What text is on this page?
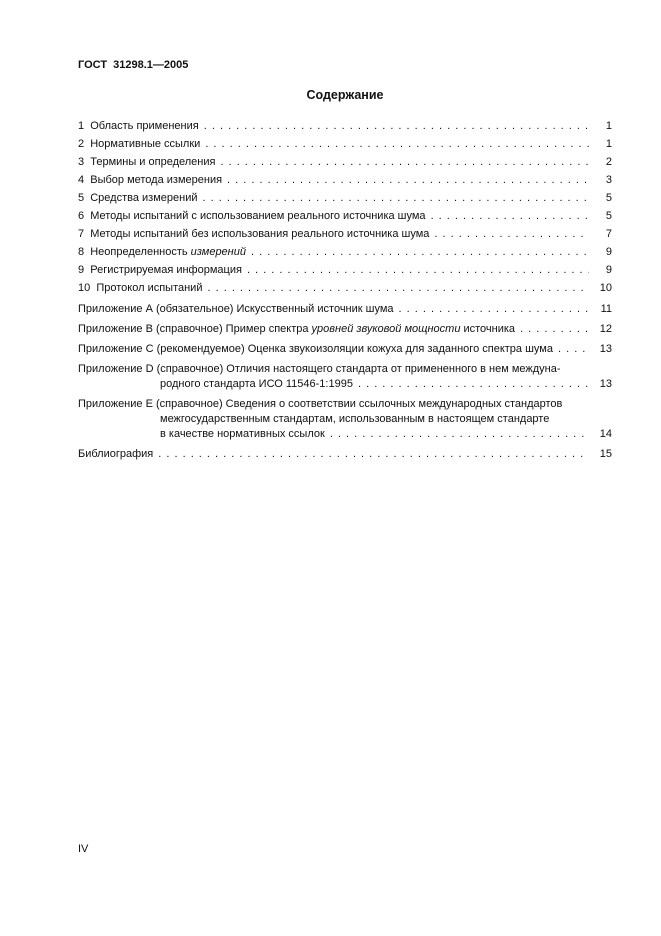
ГОСТ  31298.1—2005
Содержание
1  Область применения . . .	1
2  Нормативные ссылки . . .	1
3  Термины и определения . . .	2
4  Выбор метода измерения . . .	3
5  Средства измерений . . .	5
6  Методы испытаний с использованием реального источника шума . . .	5
7  Методы испытаний без использования реального источника шума . . .	7
8  Неопределенность измерений . . .	9
9  Регистрируемая информация . . .	9
10  Протокол испытаний . . .	10
Приложение А (обязательное) Искусственный источник шума . . .	11
Приложение В (справочное) Пример спектра уровней звуковой мощности источника . . .	12
Приложение С (рекомендуемое) Оценка звукоизоляции кожуха для заданного спектра шума . . .	13
Приложение D (справочное) Отличия настоящего стандарта от примененного в нем междуна-
родного стандарта ИСО 11546-1:1995 . . .	13
Приложение Е (справочное) Сведения о соответствии ссылочных международных стандартов
межгосударственным стандартам, использованным в настоящем стандарте
в качестве нормативных ссылок . . .	14
Библиография . . .	15
IV
